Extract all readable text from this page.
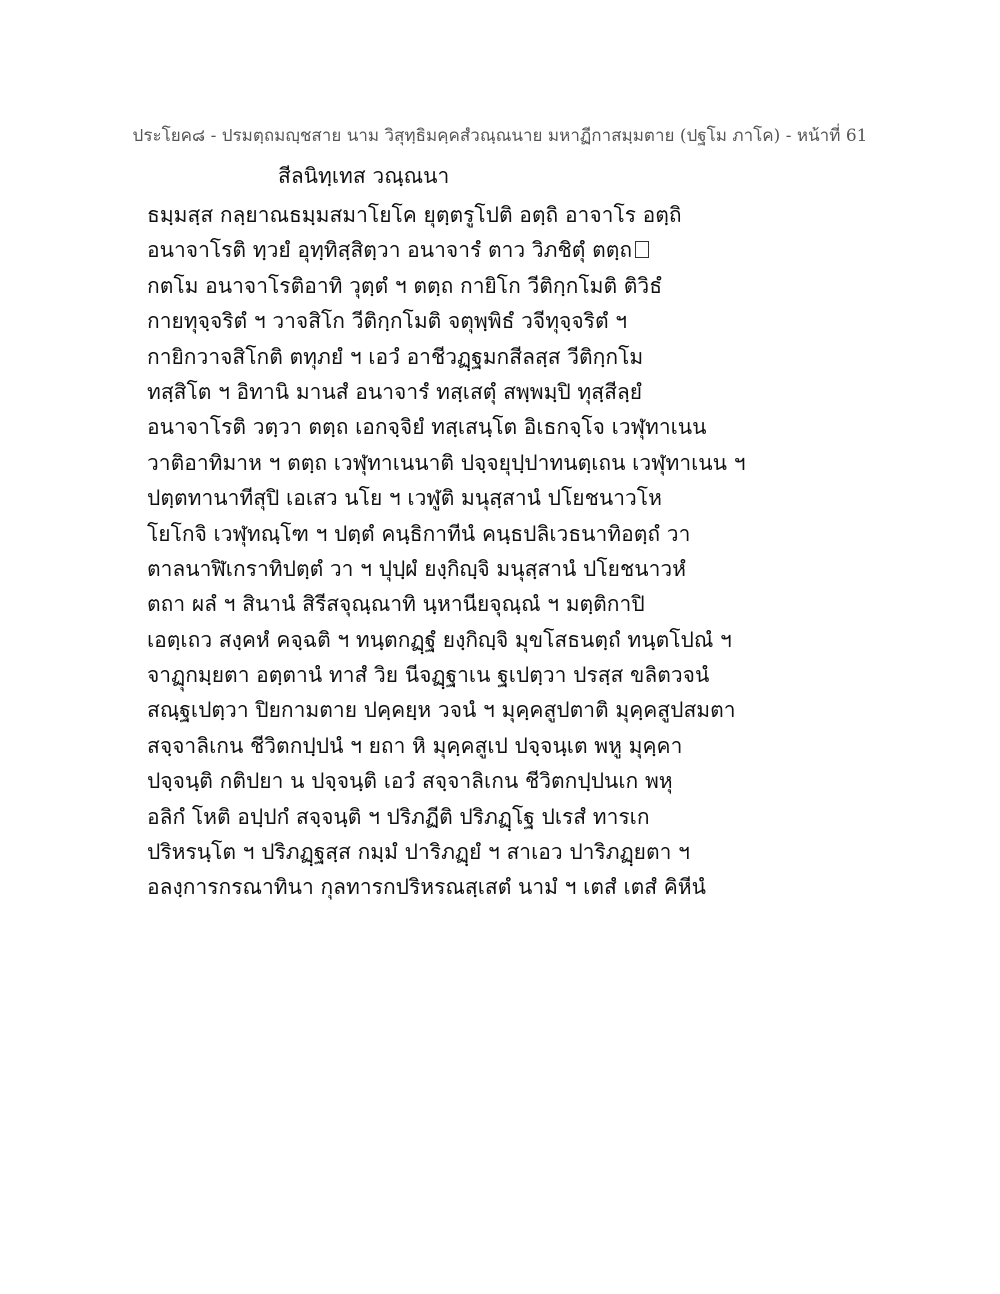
ประโยค๘ - ปรมตฺถมญฺชสาย นาม วิสุทฺธิมคฺคสํวณฺณนาย มหาฏีกาสมฺมตาย (ปฐโม ภาโค) - หน้าที่ 61
สีลนิทฺเทส วณฺณนา
ธมฺมสฺส กลฺยาณธมฺมสมาโยโค ยุตฺตรูโปติ อตฺถิ อาจาโร อตฺถิ
อนาจาโรติ ทฺวยํ อุทฺทิสฺสิตฺวา อนาจารํ ตาว วิภชิตุํ ตตฺถ
กตโม อนาจาโรติอาทิ วุตฺตํ ฯ ตตฺถ กายิโก วีติกฺกโมติ ติวิธํ
กายทุจฺจริตํ ฯ วาจสิโก วีติกฺกโมติ จตุพฺพิธํ วจีทุจฺจริตํ ฯ
กายิกวาจสิโกติ ตทุภยํ ฯ เอวํ อาชีวฏฺฐมกสีลสฺส วีติกฺกโม
ทสฺสิโต ฯ อิทานิ มานสํ อนาจารํ ทสฺเสตุํ สพฺพมฺปิ ทุสฺสีลฺยํ
อนาจาโรติ วตฺวา ตตฺถ เอกจฺจิยํ ทสฺเสนฺโต อิเธกจฺโจ เวฬุทาเนน
วาติอาทิมาห ฯ ตตฺถ เวฬุทาเนนาติ ปจฺจยุปฺปาทนตฺเถน เวฬุทาเนน ฯ
ปตฺตทานาทีสุปิ เอเสว นโย ฯ เวฬูติ มนุสฺสานํ ปโยชนาวโห
โยโกจิ เวฬุทณฺโฑ ฯ ปตฺตํ คนฺธิกาทีนํ คนฺธปลิเวธนาทิอตฺถํ วา
ตาลนาฬิเกราทิปตฺตํ วา ฯ ปุปฺผํ ยงฺกิญฺจิ มนุสฺสานํ ปโยชนาวหํ
ตถา ผลํ ฯ สินานํ สิรีสจุณฺณาทิ นฺหานียจุณฺณํ ฯ มตฺติกาปิ
เอตฺเถว สงฺคหํ คจฺฉติ ฯ ทนฺตกฏฺฐํ ยงฺกิญฺจิ มุขโสธนตฺถํ ทนฺตโปณํ ฯ
จาฏุกมฺยตา อตฺตานํ ทาสํ วิย นีจฏฺฐาเน ฐเปตฺวา ปรสฺส ขลิตวจนํ
สณฺฐเปตฺวา ปิยกามตาย ปคฺคยฺห วจนํ ฯ มุคฺคสูปตาติ มุคฺคสูปสมตา
สจฺจาลิเกน ชีวิตกปฺปนํ ฯ ยถา หิ มุคฺคสูเป ปจฺจนฺเต พหู มุคฺคา
ปจฺจนฺติ กติปยา น ปจฺจนฺติ เอวํ สจฺจาลิเกน ชีวิตกปฺปนเก พหุ
อลิกํ โหติ อปฺปกํ สจฺจนฺติ ฯ ปริภฏีติ ปริภฏฺโฐ ปเรสํ ทารเก
ปริหรนฺโต ฯ ปริภฏฺฐสฺส กมฺมํ ปาริภฏฺยํ ฯ สาเอว ปาริภฏฺยตา ฯ
อลงฺการกรณาทินา กุลทารกปริหรณสฺเสตํ นามํ ฯ เตสํ เตสํ คิหีนํ
